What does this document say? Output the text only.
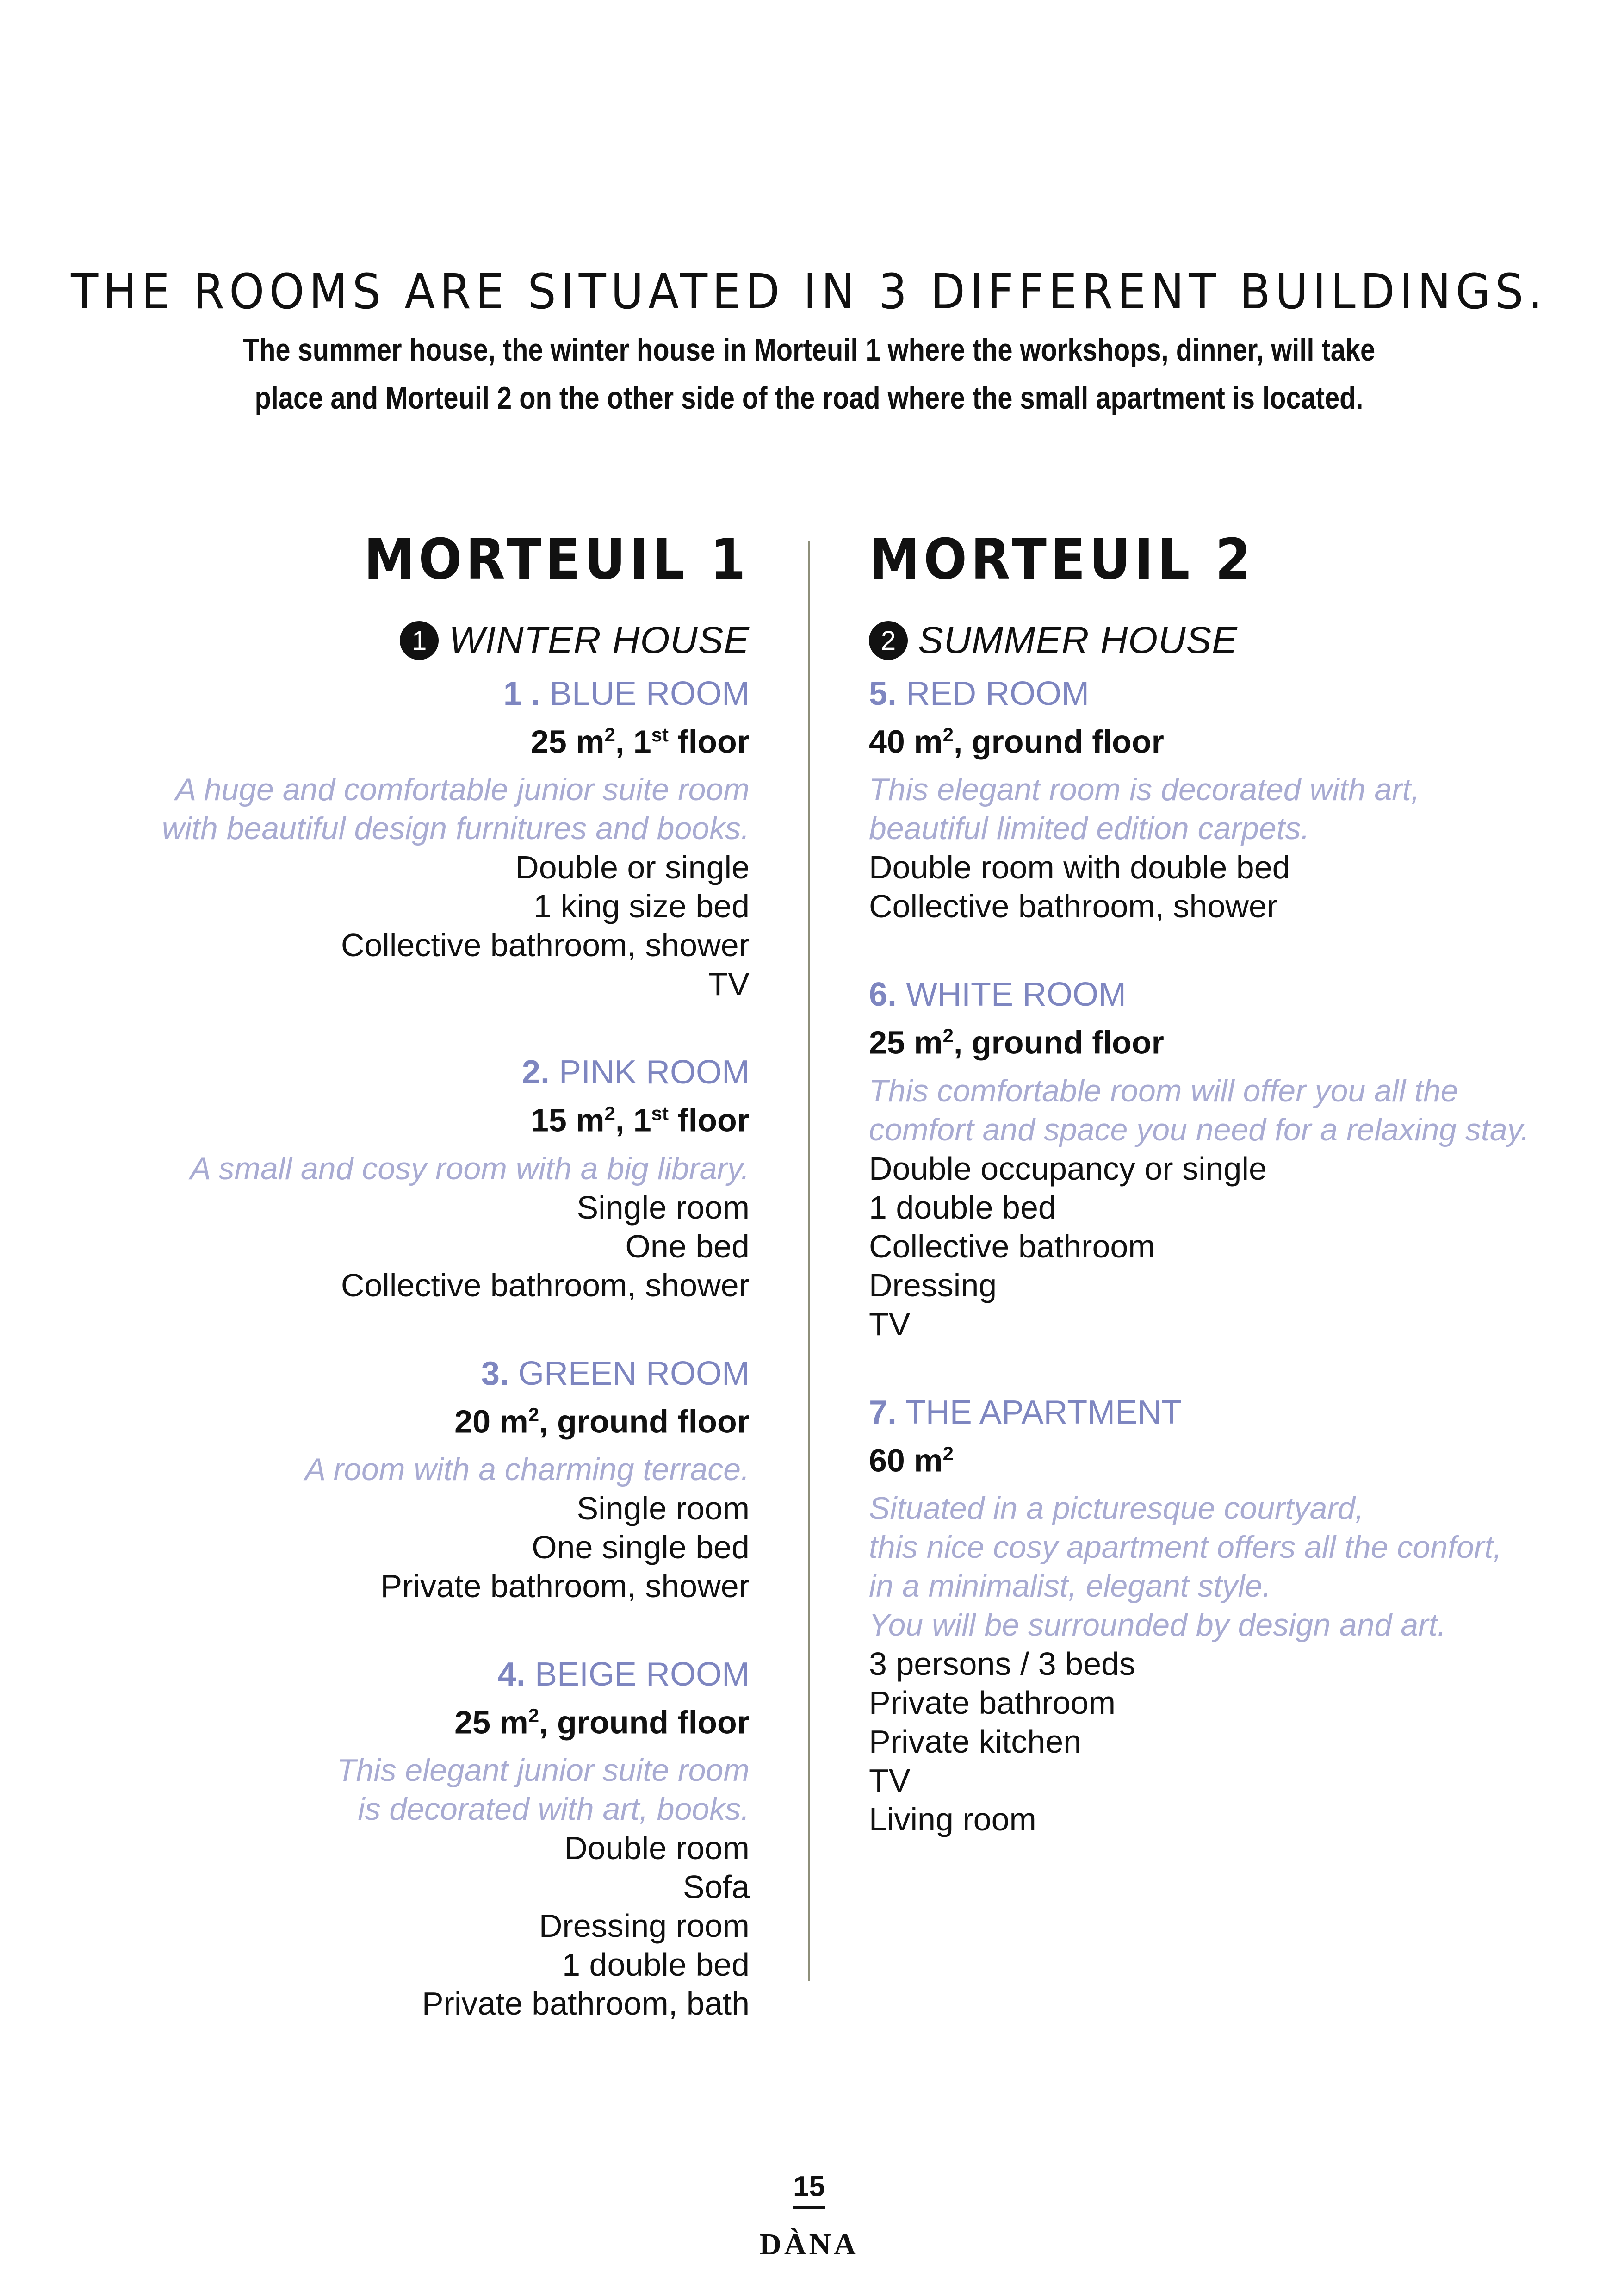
THE ROOMS ARE SITUATED IN 3 DIFFERENT BUILDINGS.
The summer house, the winter house in Morteuil 1 where the workshops, dinner, will take
place and Morteuil 2 on the other side of the road where the small apartment is located.
MORTEUIL 1
1 WINTER HOUSE
1 . BLUE ROOM
25 $m^2$, 1st floor
A huge and comfortable junior suite room
with beautiful design furnitures and books.
Double or single
1 king size bed
Collective bathroom, shower
TV
2. PINK ROOM
15 $m^2$, 1st floor
A small and cosy room with a big library.
Single room
One bed
Collective bathroom, shower
3. GREEN ROOM
20 $m^2$, ground floor
A room with a charming terrace.
Single room
One single bed
Private bathroom, shower
4. BEIGE ROOM
25 $m^2$, ground floor
This elegant junior suite room
is decorated with art, books.
Double room
Sofa
Dressing room
1 double bed
Private bathroom, bath
MORTEUIL 2
2 SUMMER HOUSE
5. RED ROOM
40 $m^2$, ground floor
This elegant room is decorated with art,
beautiful limited edition carpets.
Double room with double bed
Collective bathroom, shower
6. WHITE ROOM
25 $m^2$, ground floor
This comfortable room will offer you all the
comfort and space you need for a relaxing stay.
Double occupancy or single
1 double bed
Collective bathroom
Dressing
TV
7. THE APARTMENT
60 $m^2$
Situated in a picturesque courtyard,
this nice cosy apartment offers all the confort,
in a minimalist, elegant style.
You will be surrounded by design and art.
3 persons / 3 beds
Private bathroom
Private kitchen
TV
Living room
15
DÀNA
